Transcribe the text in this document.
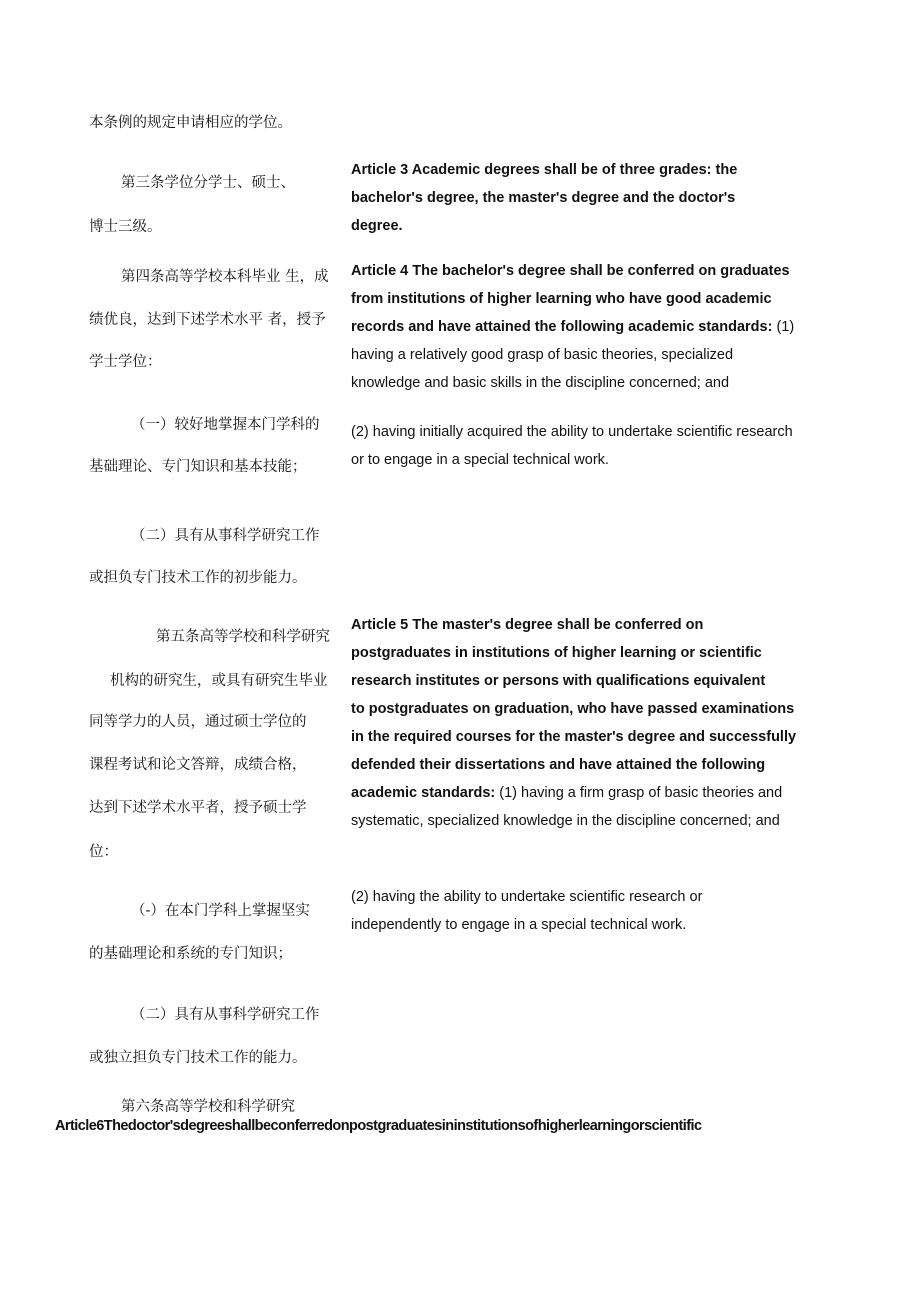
本条例的规定申请相应的学位。
第三条学位分学士、硕士、
博士三级。
第四条高等学校本科毕业 生，成
绩优良，达到下述学术水平 者，授予
学士学位：
（一）较好地掌握本门学科的
基础理论、专门知识和基本技能；
（二）具有从事科学研究工作
或担负专门技术工作的初步能力。
第五条高等学校和科学研究
机构的研究生，或具有研究生毕业
同等学力的人员，通过硕士学位的
课程考试和论文答辩，成绩合格，
达到下述学术水平者，授予硕士学
位：
（-）在本门学科上掌握坚实
的基础理论和系统的专门知识；
（二）具有从事科学研究工作
或独立担负专门技术工作的能力。
第六条高等学校和科学研究
Article 3 Academic degrees shall be of three grades: the
bachelor's degree, the master's degree and the doctor's
degree.
Article 4 The bachelor's degree shall be conferred on graduates
from institutions of higher learning who have good academic
records and have attained the following academic standards: (1)
having a relatively good grasp of basic theories, specialized
knowledge and basic skills in the discipline concerned; and
(2) having initially acquired the ability to undertake scientific research
or to engage in a special technical work.
Article 5 The master's degree shall be conferred on
postgraduates in institutions of higher learning or scientific
research institutes or persons with qualifications equivalent
to postgraduates on graduation, who have passed examinations
in the required courses for the master's degree and successfully
defended their dissertations and have attained the following
academic standards: (1) having a firm grasp of basic theories and
systematic, specialized knowledge in the discipline concerned; and
(2) having the ability to undertake scientific research or
independently to engage in a special technical work.
Article6Thedoctor'sdegreeshallbeconferredonpostgraduatesininstitutionsofhigherlearningorscientific
